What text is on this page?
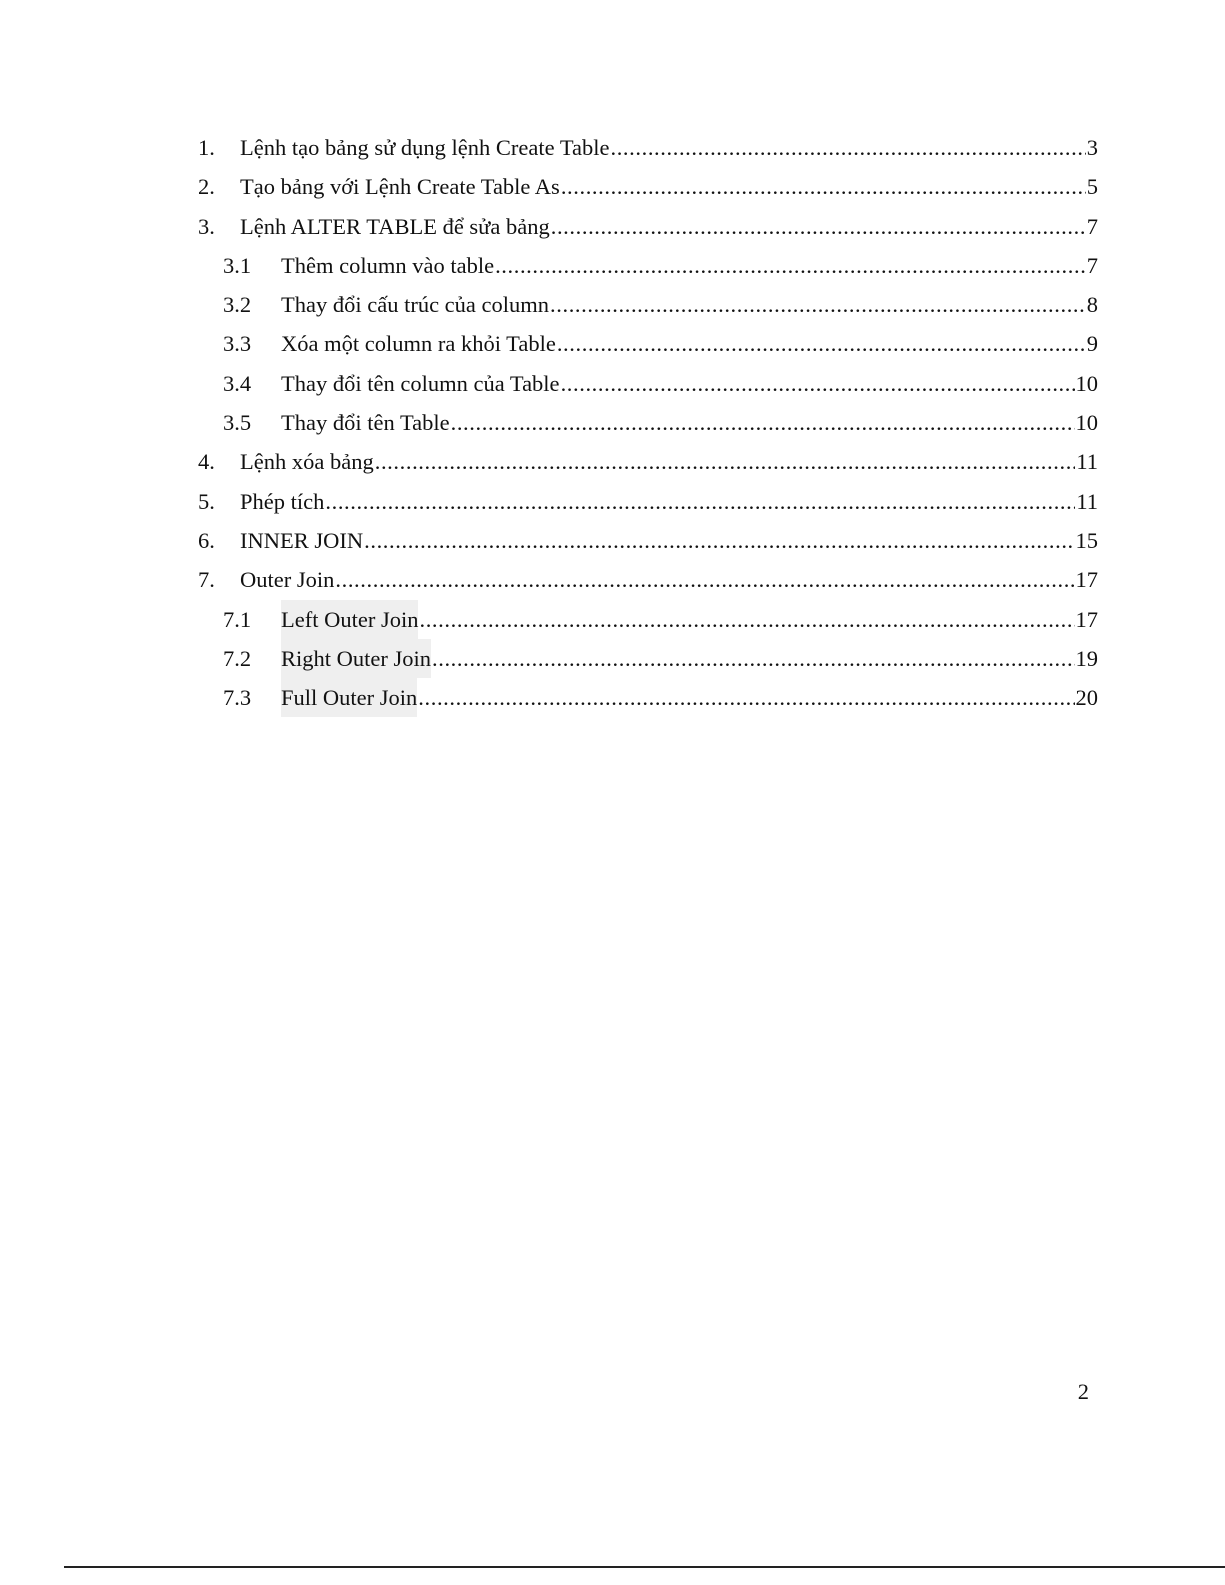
1.	Lệnh tạo bảng sử dụng lệnh Create Table .....	3
2.	Tạo bảng với Lệnh Create Table As .....	5
3.	Lệnh ALTER TABLE để sửa bảng .....	7
3.1	Thêm column vào table .....	7
3.2	Thay đổi cấu trúc của column .....	8
3.3	Xóa một column ra khỏi Table .....	9
3.4	Thay đổi tên column của Table .....	10
3.5	Thay đổi tên Table .....	10
4.	Lệnh xóa bảng .....	11
5.	Phép tích .....	11
6.	INNER JOIN .....	15
7.	Outer Join .....	17
7.1	Left Outer Join .....	17
7.2	Right Outer Join .....	19
7.3	Full Outer Join .....	20
2
